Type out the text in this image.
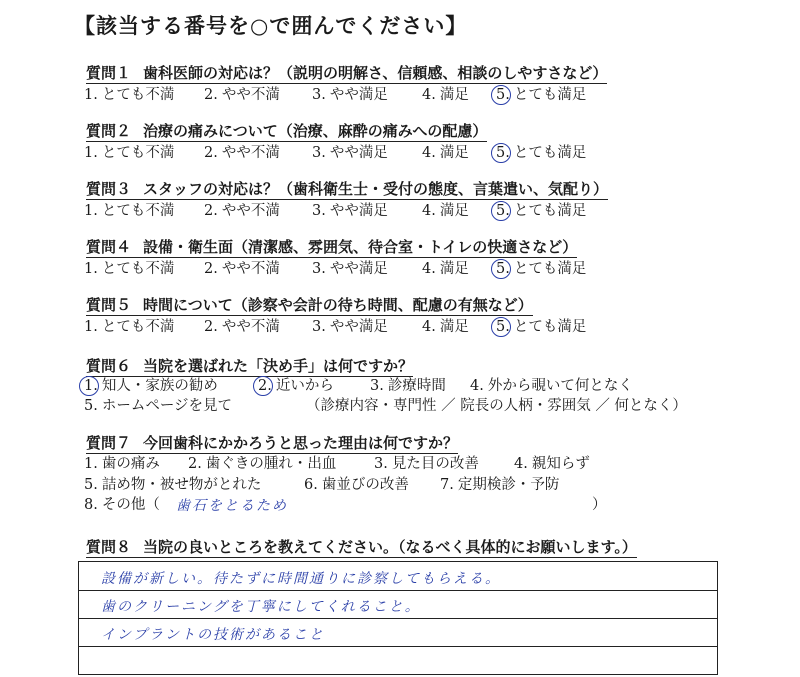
【該当する番号を○で囲んでください】
質問１ 歯科医師の対応は？（説明の明解さ、信頼感、相談のしやすさなど）
1. とても不満 2. やや不満 3. やや満足 4. 満足 5. とても満足
質問２ 治療の痛みについて（治療、麻酔の痛みへの配慮）
1. とても不満 2. やや不満 3. やや満足 4. 満足 5. とても満足
質問３ スタッフの対応は？（歯科衛生士・受付の態度、言葉遣い、気配り）
1. とても不満 2. やや不満 3. やや満足 4. 満足 5. とても満足
質問４ 設備・衛生面（清潔感、雰囲気、待合室・トイレの快適さなど）
1. とても不満 2. やや不満 3. やや満足 4. 満足 5. とても満足
質問５ 時間について（診察や会計の待ち時間、配慮の有無など）
1. とても不満 2. やや不満 3. やや満足 4. 満足 5. とても満足
質問６ 当院を選ばれた「決め手」は何ですか？
1. 知人・家族の勧め	2. 近いから 3. 診療時間 4. 外から覗いて何となく
5. ホームページを見て	（診療内容・専門性 ／ 院長の人柄・雰囲気 ／ 何となく）
質問７ 今回歯科にかかろうと思った理由は何ですか？
1. 歯の痛み 2. 歯ぐきの腫れ・出血	3. 見た目の改善 4. 親知らず
5. 詰め物・被せ物がとれた	6. 歯並びの改善 7. 定期検診・予防
8. その他（ 歯石をとるため	）
質問８ 当院の良いところを教えてください。（なるべく具体的にお願いします。）
設備が新しい。待たずに時間通りに診察してもらえる。
歯のクリーニングを丁寧にしてくれること。
インプラントの技術があること
